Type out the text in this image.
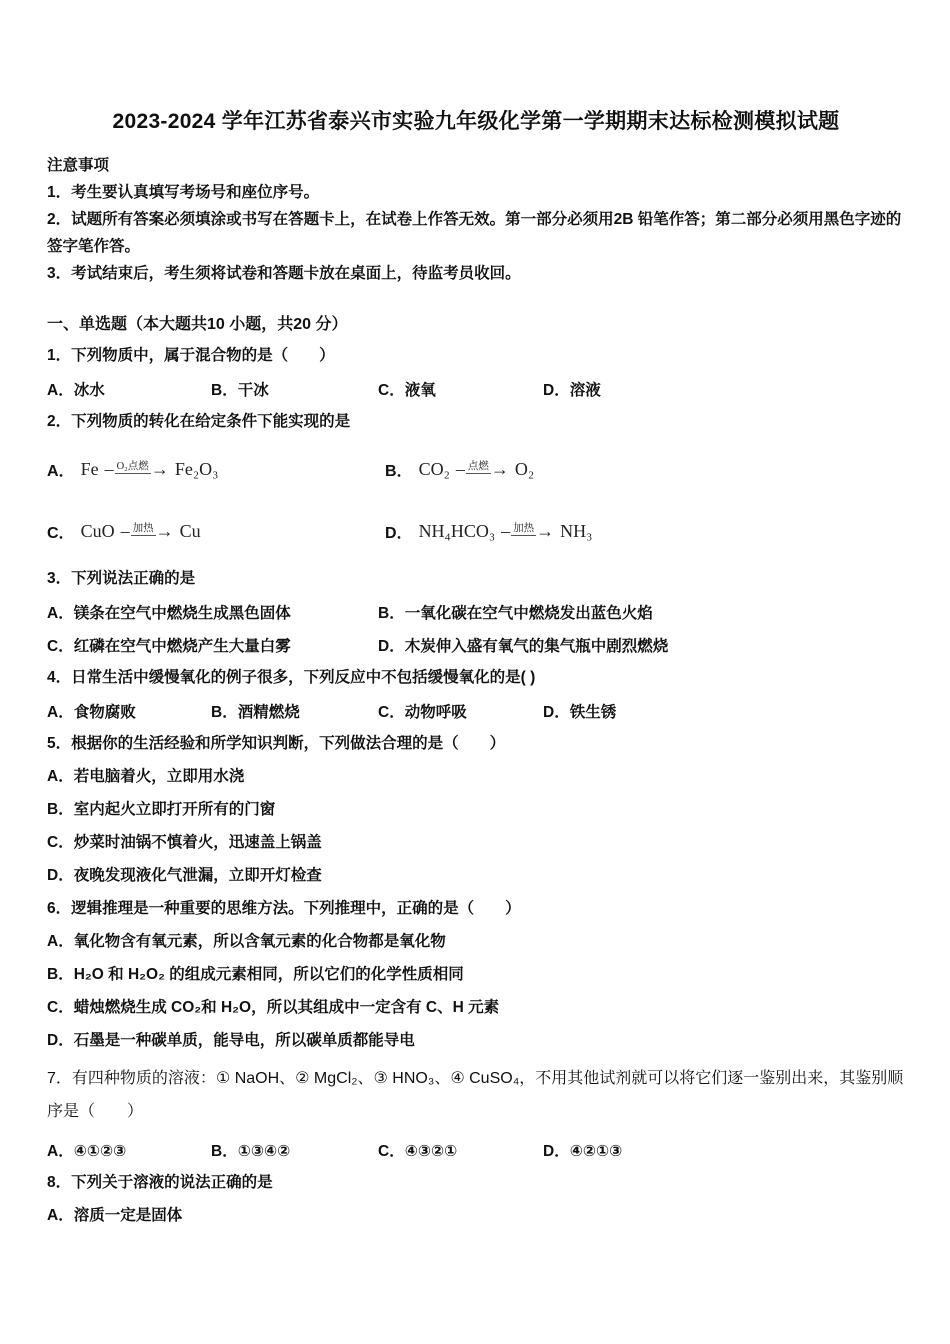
2023-2024 学年江苏省泰兴市实验九年级化学第一学期期末达标检测模拟试题
注意事项
1．考生要认真填写考场号和座位序号。
2．试题所有答案必须填涂或书写在答题卡上，在试卷上作答无效。第一部分必须用2B 铅笔作答；第二部分必须用黑色字迹的签字笔作答。
3．考试结束后，考生须将试卷和答题卡放在桌面上，待监考员收回。
一、单选题（本大题共10 小题，共20 分）
1．下列物质中，属于混合物的是（　　）
A．冰水	B．干冰	C．液氧	D．溶液
2．下列物质的转化在给定条件下能实现的是
A． Fe – O₂点燃 → Fe₂O₃	B． CO₂ – 点燃 → O₂
C． CuO – 加热 → Cu	D． NH₄HCO₃ – 加热 → NH₃
3．下列说法正确的是
A．镁条在空气中燃烧生成黑色固体	B．一氧化碳在空气中燃烧发出蓝色火焰
C．红磷在空气中燃烧产生大量白雾	D．木炭伸入盛有氧气的集气瓶中剧烈燃烧
4．日常生活中缓慢氧化的例子很多，下列反应中不包括缓慢氧化的是( )
A．食物腐败	B．酒精燃烧	C．动物呼吸	D．铁生锈
5．根据你的生活经验和所学知识判断，下列做法合理的是（　　）
A．若电脑着火，立即用水浇
B．室内起火立即打开所有的门窗
C．炒菜时油锅不慎着火，迅速盖上锅盖
D．夜晚发现液化气泄漏，立即开灯检查
6．逻辑推理是一种重要的思维方法。下列推理中，正确的是（　　）
A．氧化物含有氧元素，所以含氧元素的化合物都是氧化物
B．H₂O 和 H₂O₂ 的组成元素相同，所以它们的化学性质相同
C．蜡烛燃烧生成 CO₂和 H₂O，所以其组成中一定含有 C、H 元素
D．石墨是一种碳单质，能导电，所以碳单质都能导电
7．有四种物质的溶液：① NaOH、② MgCl₂、③ HNO₃、④ CuSO₄，不用其他试剂就可以将它们逐一鉴别出来，其鉴别顺序是（　　）
A．④①②③	B．①③④②	C．④③②①	D．④②①③
8．下列关于溶液的说法正确的是
A．溶质一定是固体
